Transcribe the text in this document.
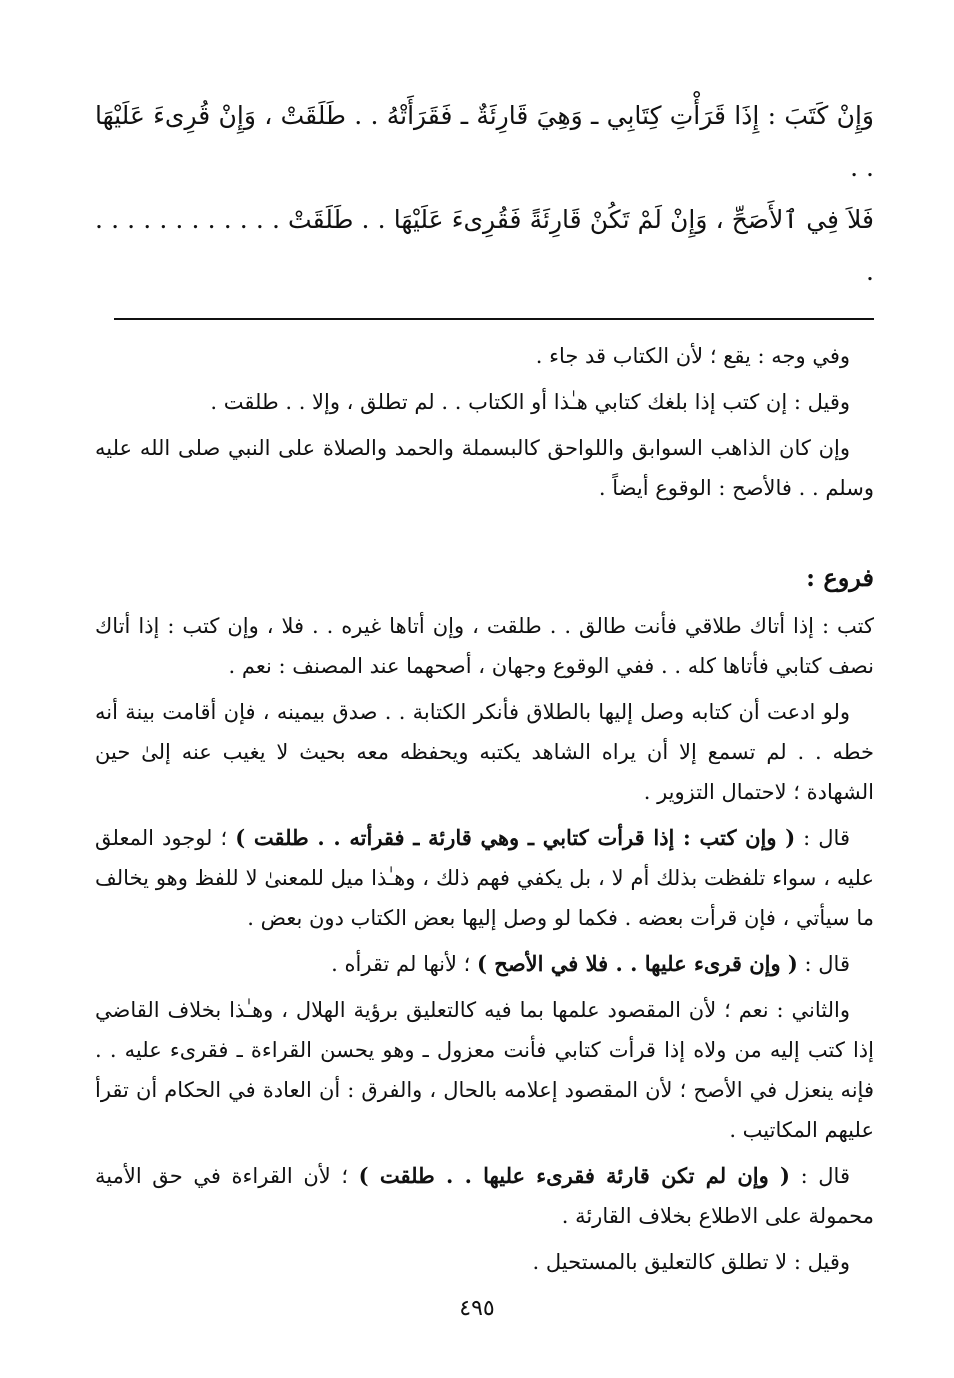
وَإِنْ كَتَبَ : إِذَا قَرَأْتِ كِتَابِي ـ وَهِيَ قَارِئَةٌ ـ فَقَرَأَتْهُ . . طَلَقَتْ ، وَإِنْ قُرِىءَ عَلَيْهَا . .

فَلاَ فِي ٱلأَصَحِّ ، وَإِنْ لَمْ تَكُنْ قَارِئَةً فَقُرِىءَ عَلَيْهَا . . طَلَقَتْ . . . . . . . . . . . . .

وفي وجه : يقع ؛ لأن الكتاب قد جاء .

وقيل : إن كتب إذا بلغك كتابي هـٰذا أو الكتاب . . لم تطلق ، وإلا . . طلقت .

وإن كان الذاهب السوابق واللواحق كالبسملة والحمد والصلاة على النبي صلى الله عليه وسلم . . فالأصح : الوقوع أيضاً .

فروع :

كتب : إذا أتاك طلاقي فأنت طالق . . طلقت ، وإن أتاها غيره . . فلا ، وإن كتب : إذا أتاك نصف كتابي فأتاها كله . . ففي الوقوع وجهان ، أصحهما عند المصنف : نعم .

ولو ادعت أن كتابه وصل إليها بالطلاق فأنكر الكتابة . . صدق بيمينه ، فإن أقامت بينة أنه خطه . . لم تسمع إلا أن يراه الشاهد يكتبه ويحفظه معه بحيث لا يغيب عنه إلىٰ حين الشهادة ؛ لاحتمال التزوير .

قال : ( وإن كتب : إذا قرأت كتابي ـ وهي قارئة ـ فقرأته . . طلقت ) ؛ لوجود المعلق عليه ، سواء تلفظت بذلك أم لا ، بل يكفي فهم ذلك ، وهـٰذا ميل للمعنىٰ لا للفظ وهو يخالف ما سيأتي ، فإن قرأت بعضه . فكما لو وصل إليها بعض الكتاب دون بعض .

قال : ( وإن قرىء عليها . . فلا في الأصح ) ؛ لأنها لم تقرأه .

والثاني : نعم ؛ لأن المقصود علمها بما فيه كالتعليق برؤية الهلال ، وهـٰذا بخلاف القاضي إذا كتب إليه من ولاه إذا قرأت كتابي فأنت معزول ـ وهو يحسن القراءة ـ فقرىء عليه . . فإنه ينعزل في الأصح ؛ لأن المقصود إعلامه بالحال ، والفرق : أن العادة في الحكام أن تقرأ عليهم المكاتيب .

قال : ( وإن لم تكن قارئة فقرىء عليها . . طلقت ) ؛ لأن القراءة في حق الأمية محمولة على الاطلاع بخلاف القارئة .

وقيل : لا تطلق كالتعليق بالمستحيل .

٤٩٥
